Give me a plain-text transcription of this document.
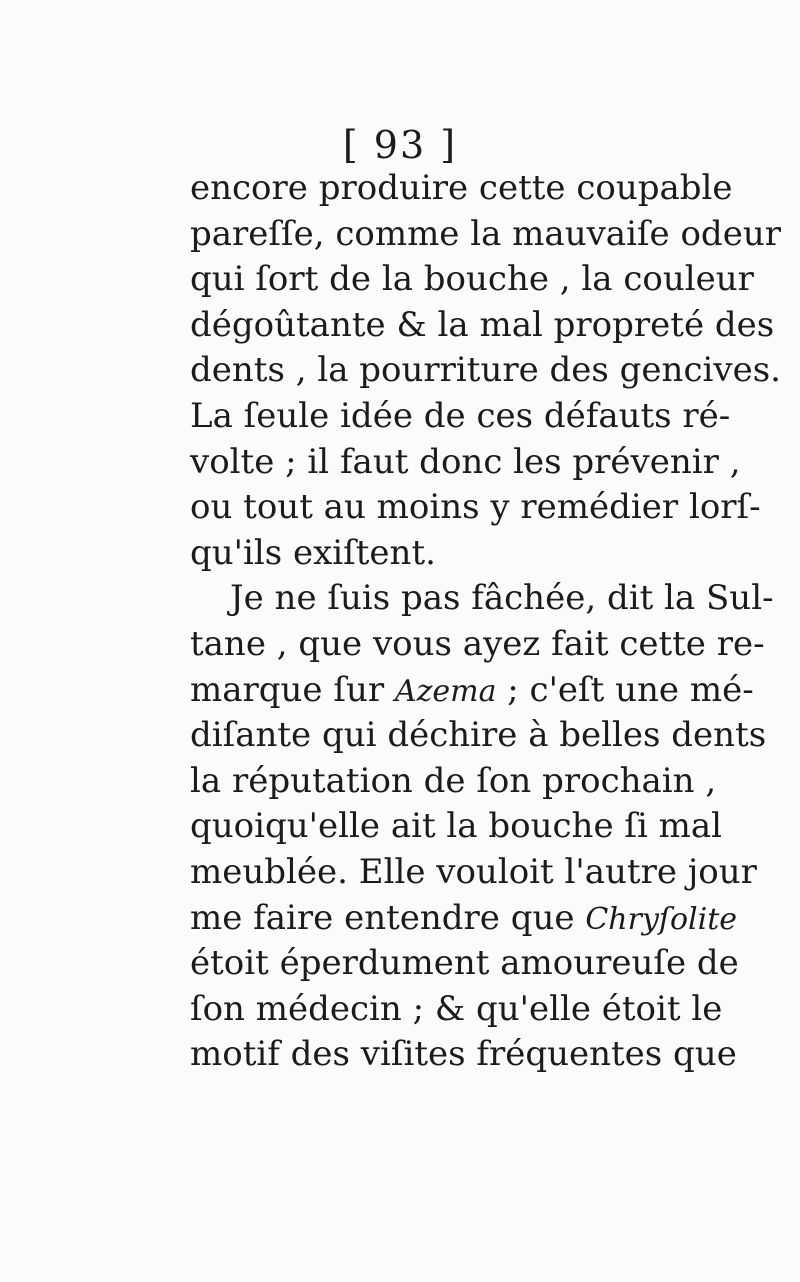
[ 93 ]
encore produire cette coupable
pareſſe, comme la mauvaiſe odeur
qui ſort de la bouche , la couleur
dégoûtante & la mal propreté des
dents , la pourriture des gencives.
La ſeule idée de ces défauts ré-
volte ; il faut donc les prévenir ,
ou tout au moins y remédier lorſ-
qu'ils exiſtent.
Je ne ſuis pas fâchée, dit la Sul-
tane , que vous ayez fait cette re-
marque ſur Azema ; c'eſt une mé-
diſante qui déchire à belles dents
la réputation de ſon prochain ,
quoiqu'elle ait la bouche ſi mal
meublée. Elle vouloit l'autre jour
me faire entendre que Chryſolite
étoit éperdument amoureuſe de
ſon médecin ; & qu'elle étoit le
motif des viſites fréquentes que
